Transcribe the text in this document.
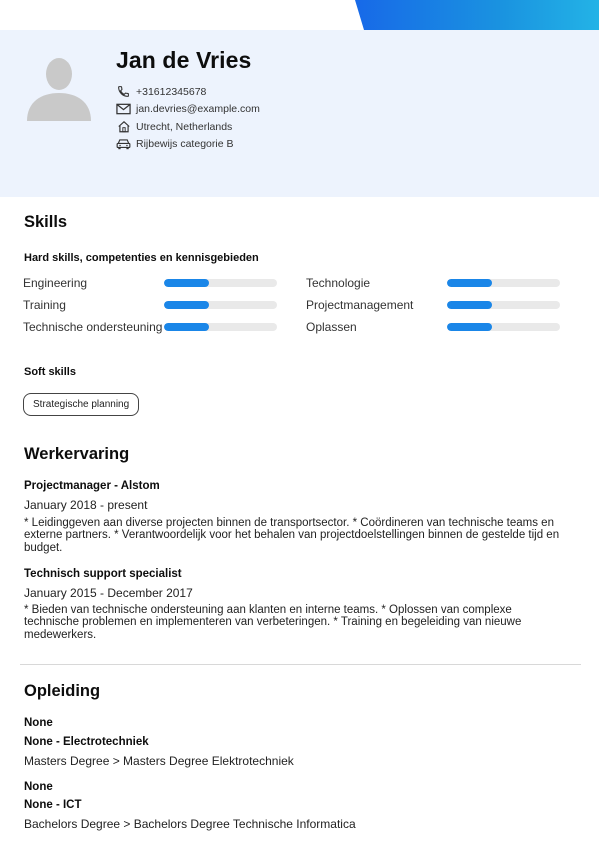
Jan de Vries
+31612345678
jan.devries@example.com
Utrecht, Netherlands
Rijbewijs categorie B
Skills
Hard skills, competenties en kennisgebieden
Engineering	Technologie
Training	Projectmanagement
Technische ondersteuning	Oplassen
Soft skills
Strategische planning
Werkervaring
Projectmanager - Alstom
January 2018 - present
* Leidinggeven aan diverse projecten binnen de transportsector. * Coördineren van technische teams en externe partners. * Verantwoordelijk voor het behalen van projectdoelstellingen binnen de gestelde tijd en budget.
Technisch support specialist
January 2015 - December 2017
* Bieden van technische ondersteuning aan klanten en interne teams. * Oplossen van complexe technische problemen en implementeren van verbeteringen. * Training en begeleiding van nieuwe medewerkers.
Opleiding
None
None - Electrotechniek
Masters Degree > Masters Degree Elektrotechniek
None
None - ICT
Bachelors Degree > Bachelors Degree Technische Informatica
